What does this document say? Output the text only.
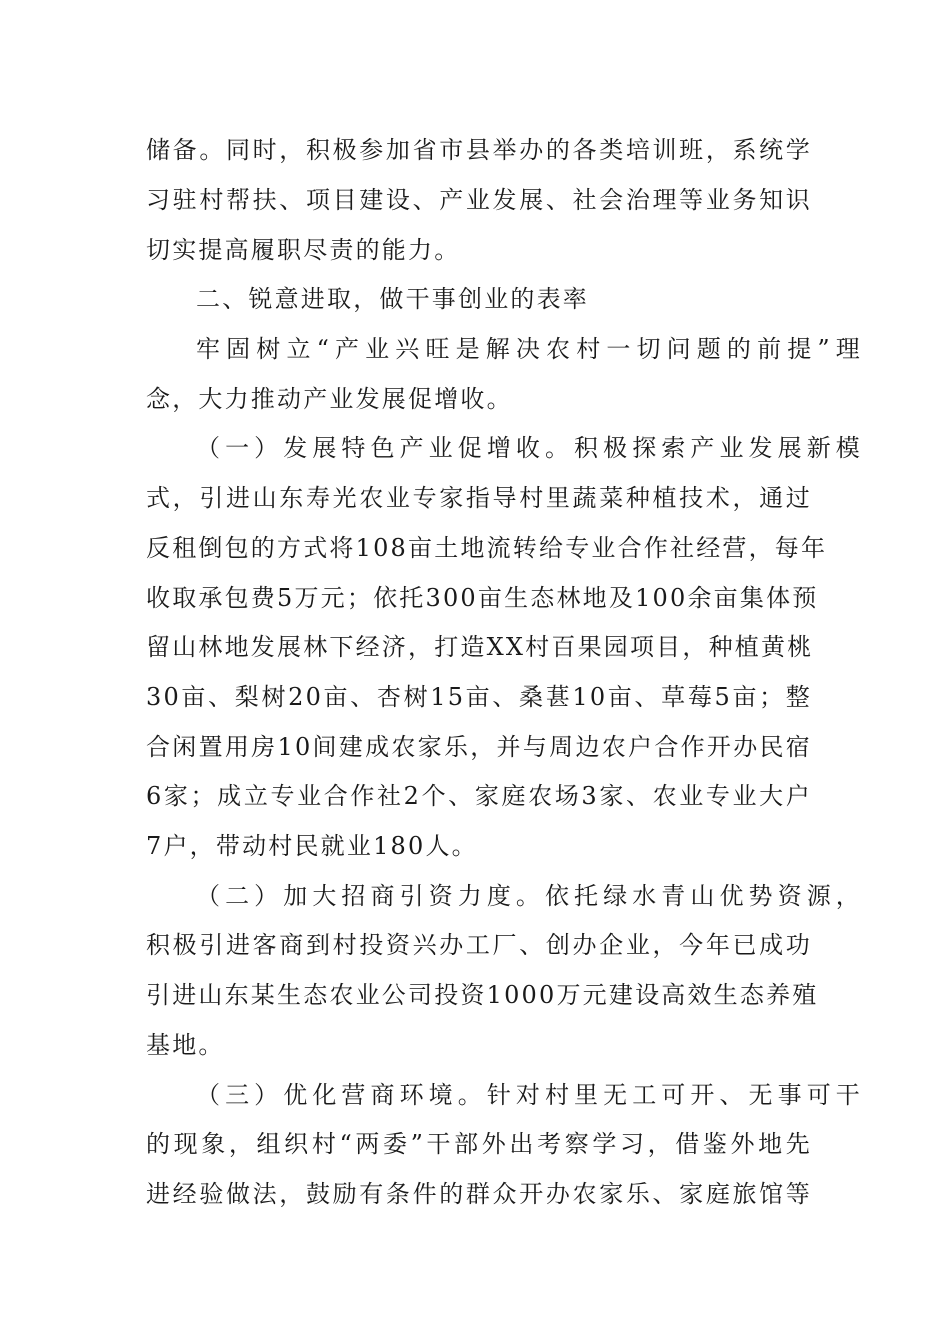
储备。同时，积极参加省市县举办的各类培训班，系统学
习驻村帮扶、项目建设、产业发展、社会治理等业务知识
切实提高履职尽责的能力。
二、锐意进取，做干事创业的表率
牢固树立“产业兴旺是解决农村一切问题的前提”理
念，大力推动产业发展促增收。
（一）发展特色产业促增收。积极探索产业发展新模
式，引进山东寿光农业专家指导村里蔬菜种植技术，通过
反租倒包的方式将108亩土地流转给专业合作社经营，每年
收取承包费5万元；依托300亩生态林地及100余亩集体预
留山林地发展林下经济，打造XX村百果园项目，种植黄桃
30亩、梨树20亩、杏树15亩、桑葚10亩、草莓5亩；整
合闲置用房10间建成农家乐，并与周边农户合作开办民宿
6家；成立专业合作社2个、家庭农场3家、农业专业大户
7户，带动村民就业180人。
（二）加大招商引资力度。依托绿水青山优势资源，
积极引进客商到村投资兴办工厂、创办企业，今年已成功
引进山东某生态农业公司投资1000万元建设高效生态养殖
基地。
（三）优化营商环境。针对村里无工可开、无事可干
的现象，组织村“两委”干部外出考察学习，借鉴外地先
进经验做法，鼓励有条件的群众开办农家乐、家庭旅馆等
